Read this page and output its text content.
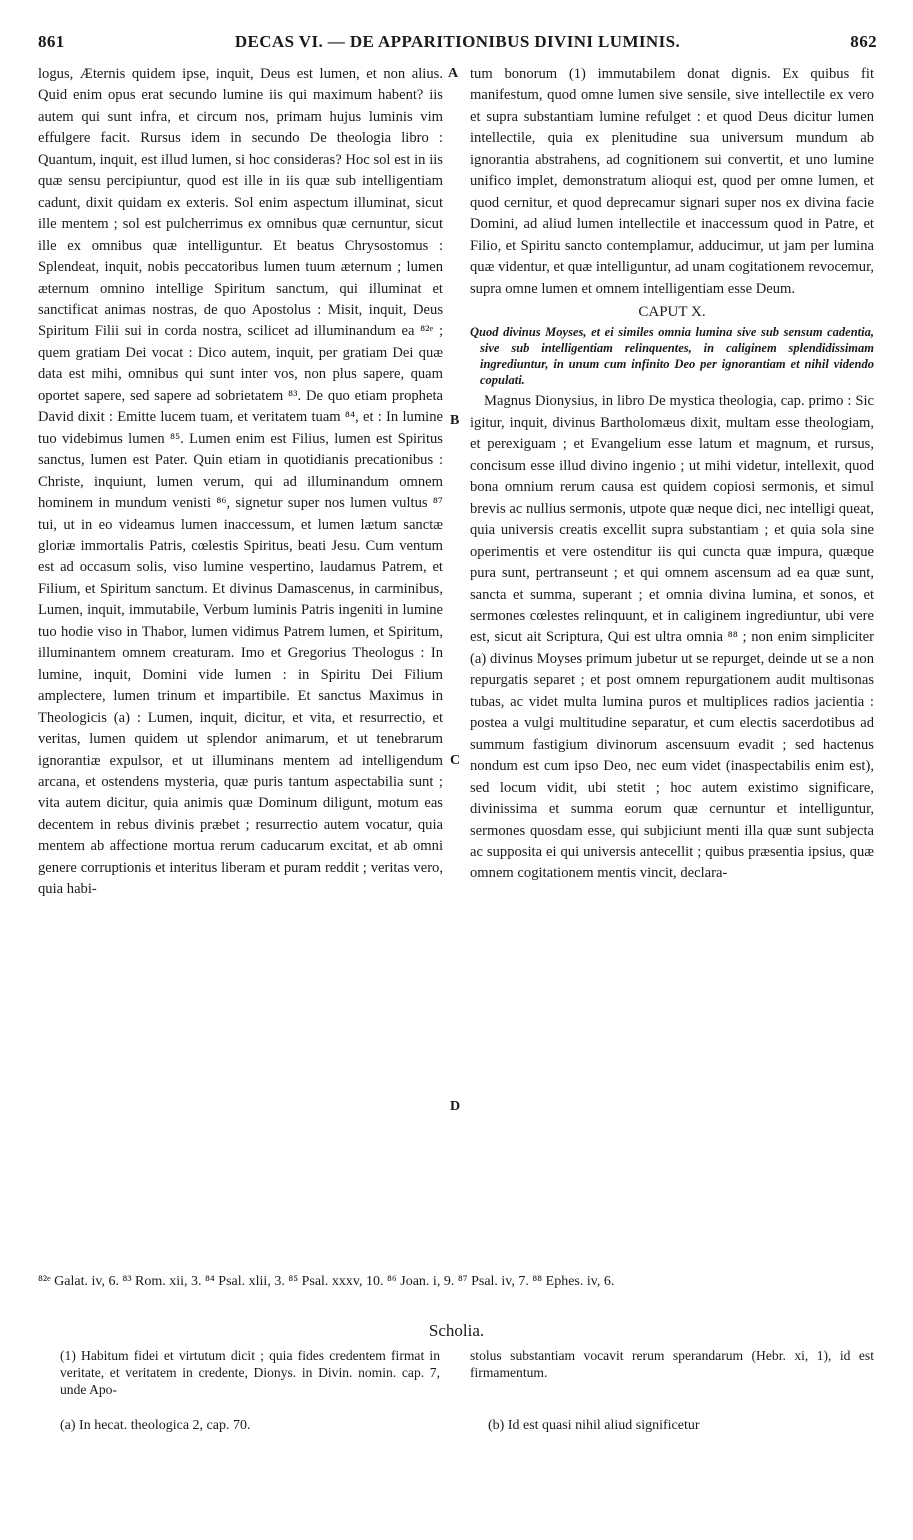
861	DECAS VI. — DE APPARITIONIBUS DIVINI LUMINIS.	862

logus, Æternis quidem ipse, inquit, Deus est lumen, et non alius. Quid enim opus erat secundo lumine iis qui maximum habent? iis autem qui sunt infra, et circum nos, primam hujus luminis vim effulgere facit. Rursus idem in secundo De theologia libro : Quantum, inquit, est illud lumen, si hoc consideras? Hoc sol est in iis quæ sensu percipiuntur, quod est ille in iis quæ sub intelligentiam cadunt, dixit quidam ex exteris. Sol enim aspectum illuminat, sicut ille mentem ; sol est pulcherrimus ex omnibus quæ cernuntur, sicut ille ex omnibus quæ intelliguntur. Et beatus Chrysostomus : Splendeat, inquit, nobis peccatoribus lumen tuum æternum ; lumen æternum omnino intellige Spiritum sanctum, qui illuminat et sanctificat animas nostras, de quo Apostolus : Misit, inquit, Deus Spiritum Filii sui in corda nostra, scilicet ad illuminandum ea ⁸²ᵉ ; quem gratiam Dei vocat : Dico autem, inquit, per gratiam Dei quæ data est mihi, omnibus qui sunt inter vos, non plus sapere, quam oportet sapere, sed sapere ad sobrietatem ⁸³. De quo etiam propheta David dixit : Emitte lucem tuam, et veritatem tuam ⁸⁴, et : In lumine tuo videbimus lumen ⁸⁵. Lumen enim est Filius, lumen est Spiritus sanctus, lumen est Pater. Quin etiam in quotidianis precationibus : Christe, inquiunt, lumen verum, qui ad illuminandum omnem hominem in mundum venisti ⁸⁶, signetur super nos lumen vultus ⁸⁷ tui, ut in eo videamus lumen inaccessum, et lumen lætum sanctæ gloriæ immortalis Patris, cœlestis Spiritus, beati Jesu. Cum ventum est ad occasum solis, viso lumine vespertino, laudamus Patrem, et Filium, et Spiritum sanctum. Et divinus Damascenus, in carminibus, Lumen, inquit, immutabile, Verbum luminis Patris ingeniti in lumine tuo hodie viso in Thabor, lumen vidimus Patrem lumen, et Spiritum, illuminantem omnem creaturam. Imo et Gregorius Theologus : In lumine, inquit, Domini vide lumen : in Spiritu Dei Filium amplectere, lumen trinum et impartibile. Et sanctus Maximus in Theologicis (a) : Lumen, inquit, dicitur, et vita, et resurrectio, et veritas, lumen quidem ut splendor animarum, et ut tenebrarum ignorantiæ expulsor, et ut illuminans mentem ad intelligendum arcana, et ostendens mysteria, quæ puris tantum aspectabilia sunt ; vita autem dicitur, quia animis quæ Dominum diligunt, motum eas decentem in rebus divinis præbet ; resurrectio autem vocatur, quia mentem ab affectione mortua rerum caducarum excitat, et ab omni genere corruptionis et interitus liberam et puram reddit ; veritas vero, quia habi-

A
B
C
D

tum bonorum (1) immutabilem donat dignis. Ex quibus fit manifestum, quod omne lumen sive sensile, sive intellectile ex vero et supra substantiam lumine refulget : et quod Deus dicitur lumen intellectile, quia ex plenitudine sua universum mundum ab ignorantia abstrahens, ad cognitionem sui convertit, et uno lumine unifico implet, demonstratum alioqui est, quod per omne lumen, et quod cernitur, et quod deprecamur signari super nos ex divina facie Domini, ad aliud lumen intellectile et inaccessum quod in Patre, et Filio, et Spiritu sancto contemplamur, adducimur, ut jam per lumina quæ videntur, et quæ intelliguntur, ad unam cogitationem revocemur, supra omne lumen et omnem intelligentiam esse Deum.

CAPUT X.
Quod divinus Moyses, et ei similes omnia lumina sive sub sensum cadentia, sive sub intelligentiam relinquentes, in caliginem splendidissimam ingrediuntur, in unum cum infinito Deo per ignorantiam et nihil videndo copulati.

Magnus Dionysius, in libro De mystica theologia, cap. primo : Sic igitur, inquit, divinus Bartholomæus dixit, multam esse theologiam, et perexiguam ; et Evangelium esse latum et magnum, et rursus, concisum esse illud divino ingenio ; ut mihi videtur, intellexit, quod bona omnium rerum causa est quidem copiosi sermonis, et simul brevis ac nullius sermonis, utpote quæ neque dici, nec intelligi queat, quia universis creatis excellit supra substantiam ; et quia sola sine operimentis et vere ostenditur iis qui cuncta quæ impura, quæque pura sunt, pertranseunt ; et qui omnem ascensum ad ea quæ sunt, sancta et summa, superant ; et omnia divina lumina, et sonos, et sermones cœlestes relinquunt, et in caliginem ingrediuntur, ubi vere est, sicut ait Scriptura, Qui est ultra omnia ⁸⁸ ; non enim simpliciter (a) divinus Moyses primum jubetur ut se repurget, deinde ut se a non repurgatis separet ; et post omnem repurgationem audit multisonas tubas, ac videt multa lumina puros et multiplices radios jacientia : postea a vulgi multitudine separatur, et cum electis sacerdotibus ad summum fastigium divinorum ascensuum evadit ; sed hactenus nondum est cum ipso Deo, nec eum videt (inaspectabilis enim est), sed locum vidit, ubi stetit ; hoc autem existimo significare, divinissima et summa eorum quæ cernuntur et intelliguntur, sermones quosdam esse, qui subjiciunt menti illa quæ sunt subjecta ac supposita ei qui universis antecellit ; quibus præsentia ipsius, quæ omnem cogitationem mentis vincit, declara-

⁸²ᵉ Galat. iv, 6. ⁸³ Rom. xii, 3. ⁸⁴ Psal. xlii, 3. ⁸⁵ Psal. xxxv, 10. ⁸⁶ Joan. i, 9. ⁸⁷ Psal. iv, 7. ⁸⁸ Ephes. iv, 6.
Scholia.
(1) Habitum fidei et virtutum dicit ; quia fides credentem firmat in veritate, et veritatem in credente, Dionys. in Divin. nomin. cap. 7, unde Apo-
stolus substantiam vocavit rerum sperandarum (Hebr. xi, 1), id est firmamentum.
(a) In hecat. theologica 2, cap. 70.	(b) Id est quasi nihil aliud significetur
